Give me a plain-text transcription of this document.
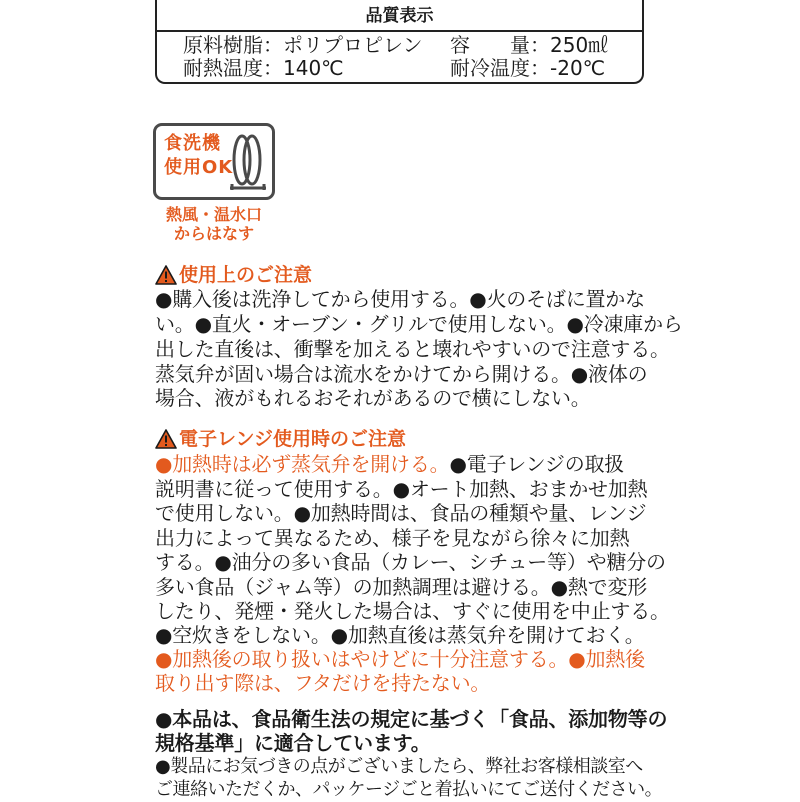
品質表示
原料樹脂：ポリプロピレン 容　　量：250㎖
耐熱温度：140℃	耐冷温度：-20℃
食洗機
使用OK
熱風・温水口
からはなす
使用上のご注意
●購入後は洗浄してから使用する。●火のそばに置かな
い。●直火・オーブン・グリルで使用しない。●冷凍庫から
出した直後は、衝撃を加えると壊れやすいので注意する。
蒸気弁が固い場合は流水をかけてから開ける。●液体の
場合、液がもれるおそれがあるので横にしない。
電子レンジ使用時のご注意
●加熱時は必ず蒸気弁を開ける。●電子レンジの取扱
説明書に従って使用する。●オート加熱、おまかせ加熱
で使用しない。●加熱時間は、食品の種類や量、レンジ
出力によって異なるため、様子を見ながら徐々に加熱
する。●油分の多い食品（カレー、シチュー等）や糖分の
多い食品（ジャム等）の加熱調理は避ける。●熱で変形
したり、発煙・発火した場合は、すぐに使用を中止する。
●空炊きをしない。●加熱直後は蒸気弁を開けておく。
●加熱後の取り扱いはやけどに十分注意する。●加熱後
取り出す際は、フタだけを持たない。
●本品は、食品衛生法の規定に基づく「食品、添加物等の
規格基準」に適合しています。
●製品にお気づきの点がございましたら、弊社お客様相談室へ
ご連絡いただくか、パッケージごと着払いにてご送付ください。
